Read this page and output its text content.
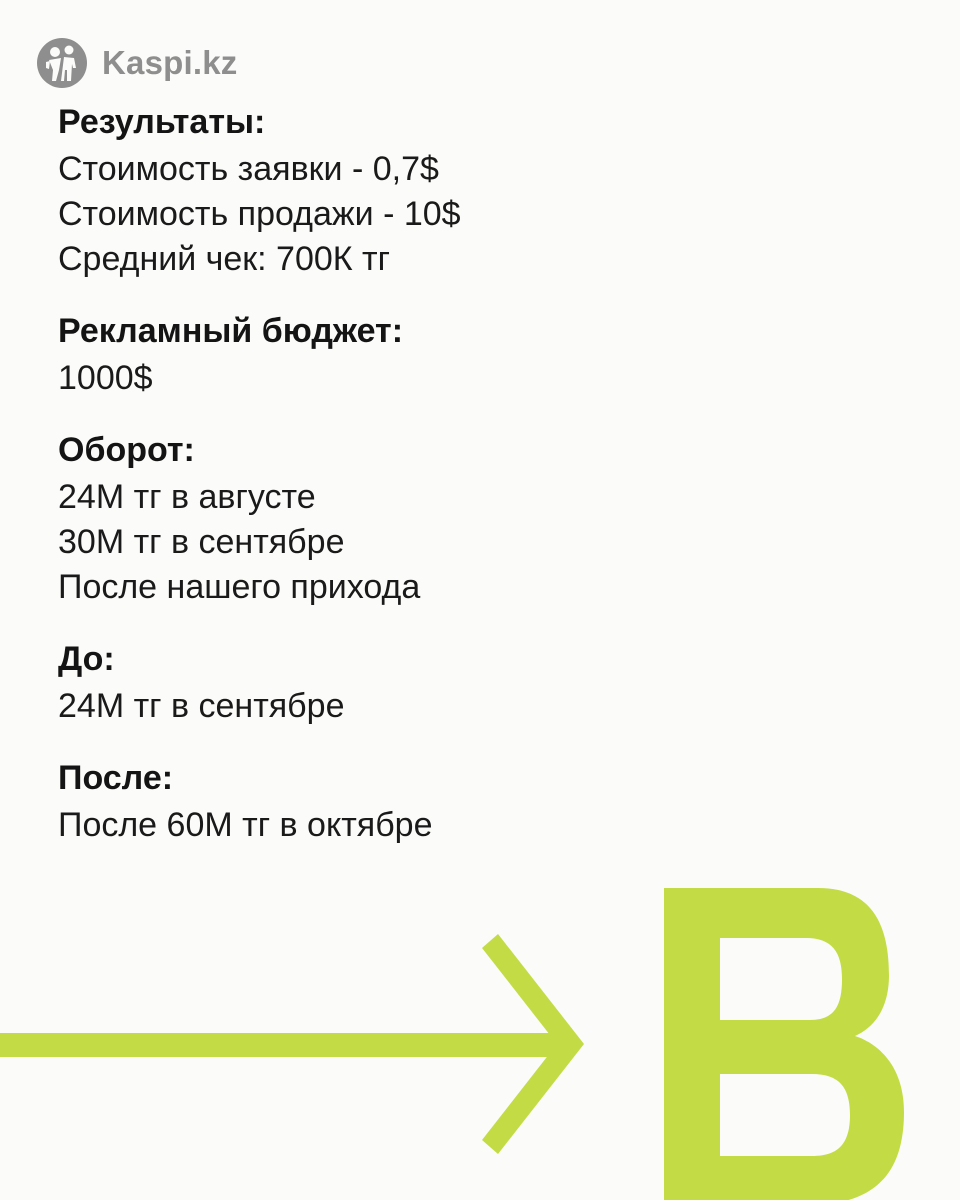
Kaspi.kz

Результаты:

Стоимость заявки - 0,7$
Стоимость продажи - 10$
Средний чек: 700К тг

Рекламный бюджет:

1000$

Оборот:

24М тг в августе
30М тг в сентябре
После нашего прихода

До:

24М тг в сентябре

После:

После 60М тг в октябре
